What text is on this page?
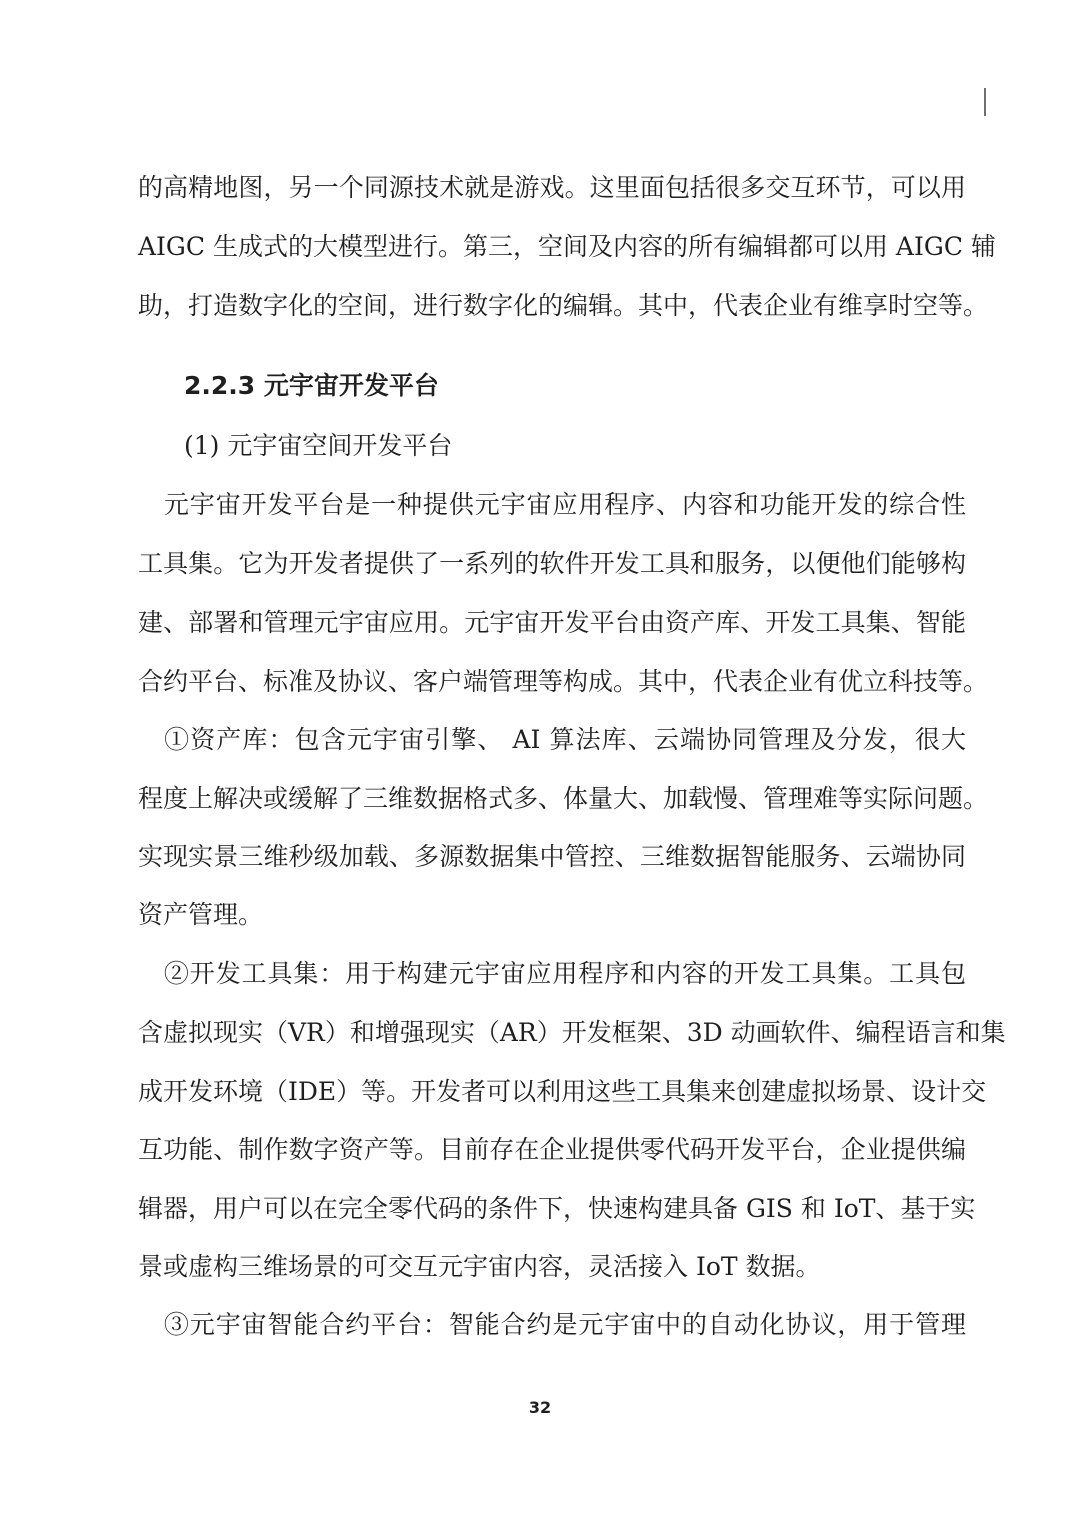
的高精地图，另一个同源技术就是游戏。这里面包括很多交互环节，可以用
AIGC 生成式的大模型进行。第三，空间及内容的所有编辑都可以用 AIGC 辅
助，打造数字化的空间，进行数字化的编辑。其中，代表企业有维享时空等。
2.2.3 元宇宙开发平台
(1) 元宇宙空间开发平台
　元宇宙开发平台是一种提供元宇宙应用程序、内容和功能开发的综合性
工具集。它为开发者提供了一系列的软件开发工具和服务，以便他们能够构
建、部署和管理元宇宙应用。元宇宙开发平台由资产库、开发工具集、智能
合约平台、标准及协议、客户端管理等构成。其中，代表企业有优立科技等。
　①资产库：包含元宇宙引擎、 AI 算法库、云端协同管理及分发，很大
程度上解决或缓解了三维数据格式多、体量大、加载慢、管理难等实际问题。
实现实景三维秒级加载、多源数据集中管控、三维数据智能服务、云端协同
资产管理。
　②开发工具集：用于构建元宇宙应用程序和内容的开发工具集。工具包
含虚拟现实（VR）和增强现实（AR）开发框架、3D 动画软件、编程语言和集
成开发环境（IDE）等。开发者可以利用这些工具集来创建虚拟场景、设计交
互功能、制作数字资产等。目前存在企业提供零代码开发平台，企业提供编
辑器，用户可以在完全零代码的条件下，快速构建具备 GIS 和 IoT、基于实
景或虚构三维场景的可交互元宇宙内容，灵活接入 IoT 数据。
　③元宇宙智能合约平台：智能合约是元宇宙中的自动化协议，用于管理
32
